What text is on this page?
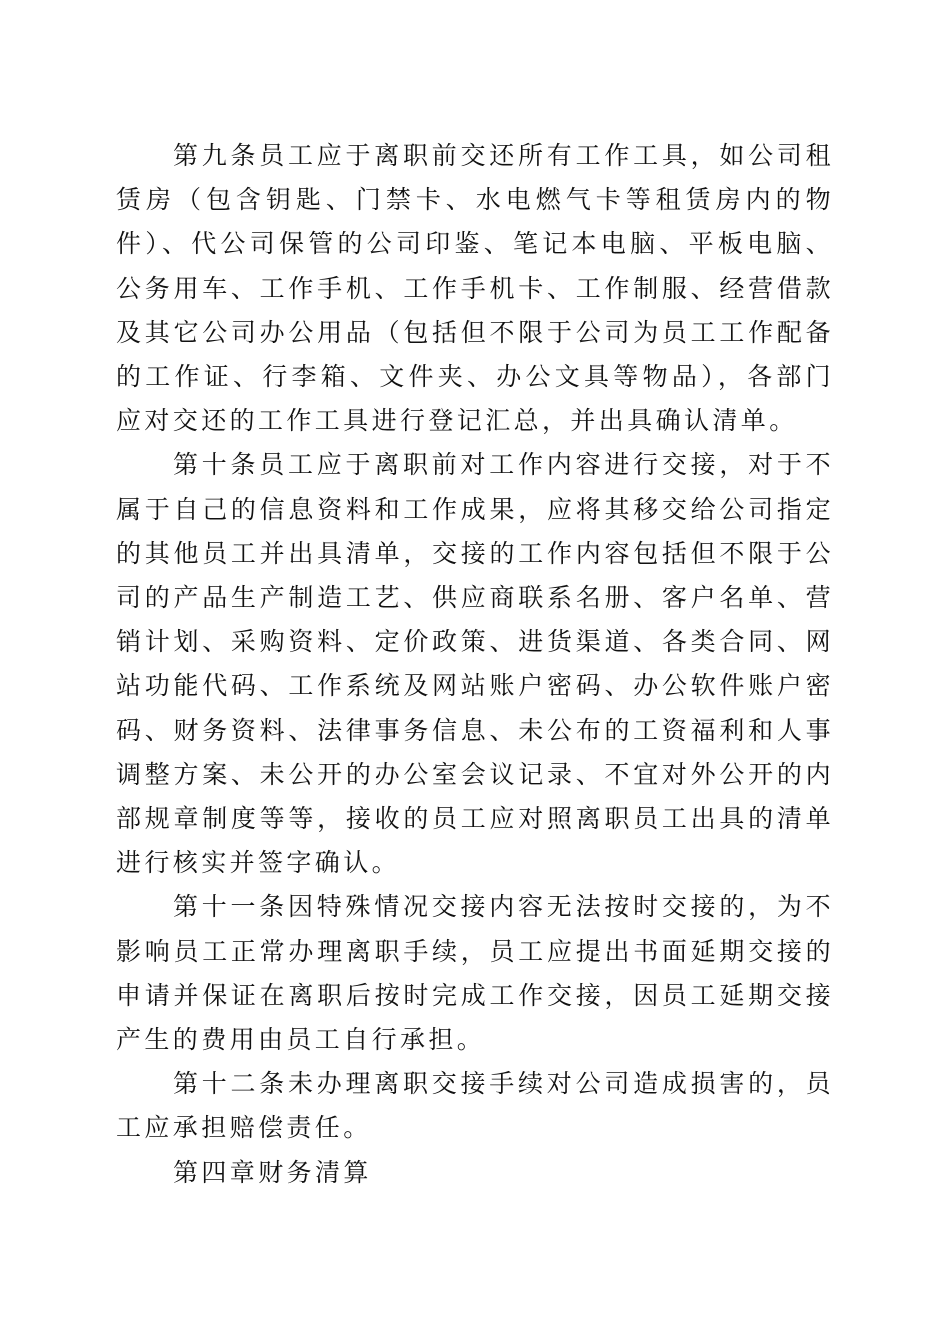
第九条员工应于离职前交还所有工作工具，如公司租赁房（包含钥匙、门禁卡、水电燃气卡等租赁房内的物件）、代公司保管的公司印鉴、笔记本电脑、平板电脑、公务用车、工作手机、工作手机卡、工作制服、经营借款及其它公司办公用品（包括但不限于公司为员工工作配备的工作证、行李箱、文件夹、办公文具等物品），各部门应对交还的工作工具进行登记汇总，并出具确认清单。

第十条员工应于离职前对工作内容进行交接，对于不属于自己的信息资料和工作成果，应将其移交给公司指定的其他员工并出具清单，交接的工作内容包括但不限于公司的产品生产制造工艺、供应商联系名册、客户名单、营销计划、采购资料、定价政策、进货渠道、各类合同、网站功能代码、工作系统及网站账户密码、办公软件账户密码、财务资料、法律事务信息、未公布的工资福利和人事调整方案、未公开的办公室会议记录、不宜对外公开的内部规章制度等等，接收的员工应对照离职员工出具的清单进行核实并签字确认。

第十一条因特殊情况交接内容无法按时交接的，为不影响员工正常办理离职手续，员工应提出书面延期交接的申请并保证在离职后按时完成工作交接，因员工延期交接产生的费用由员工自行承担。

第十二条未办理离职交接手续对公司造成损害的，员工应承担赔偿责任。

第四章财务清算
